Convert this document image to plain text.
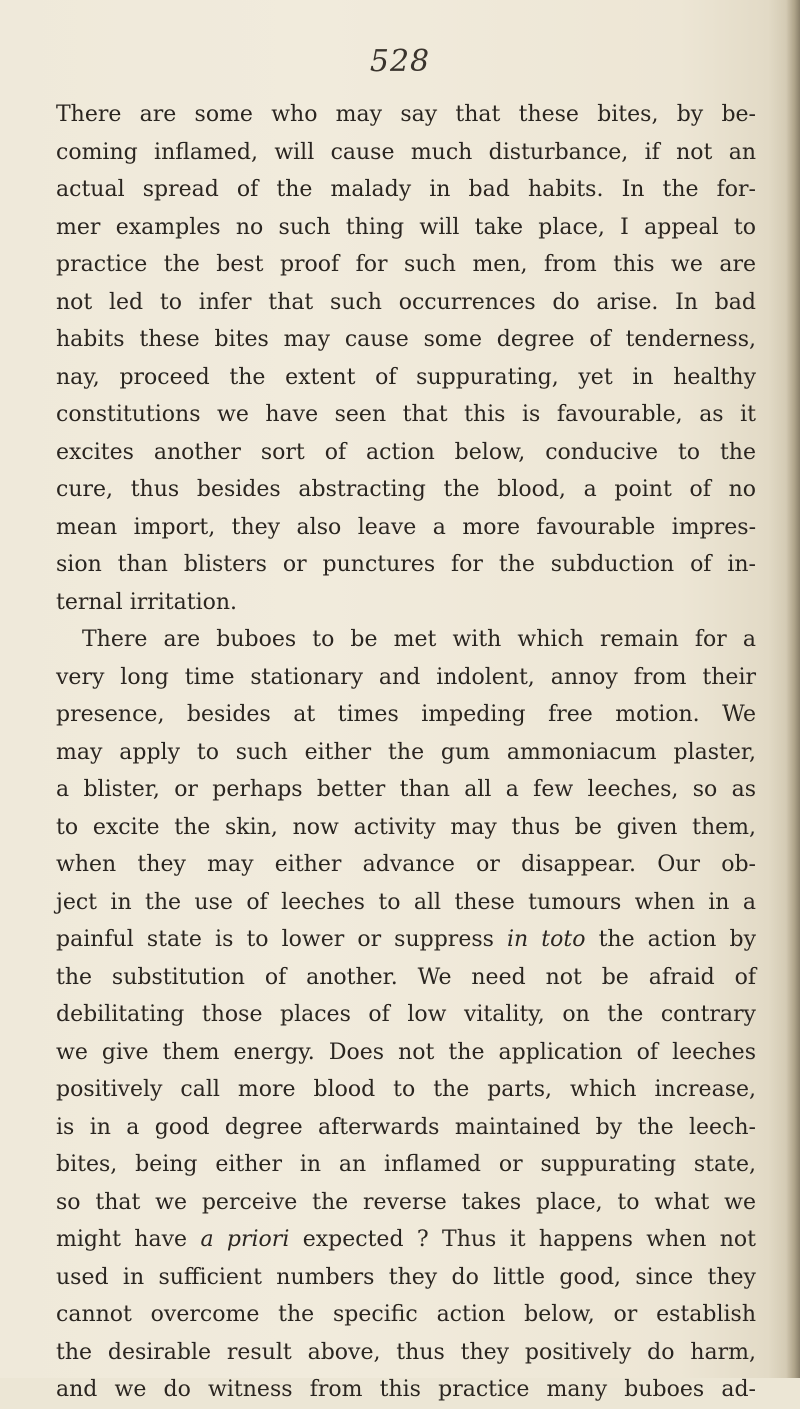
528
There are some who may say that these bites, by be-
coming inflamed, will cause much disturbance, if not an
actual spread of the malady in bad habits. In the for-
mer examples no such thing will take place, I appeal to
practice the best proof for such men, from this we are
not led to infer that such occurrences do arise. In bad
habits these bites may cause some degree of tenderness,
nay, proceed the extent of suppurating, yet in healthy
constitutions we have seen that this is favourable, as it
excites another sort of action below, conducive to the
cure, thus besides abstracting the blood, a point of no
mean import, they also leave a more favourable impres-
sion than blisters or punctures for the subduction of in-
ternal irritation.
There are buboes to be met with which remain for a
very long time stationary and indolent, annoy from their
presence, besides at times impeding free motion. We
may apply to such either the gum ammoniacum plaster,
a blister, or perhaps better than all a few leeches, so as
to excite the skin, now activity may thus be given them,
when they may either advance or disappear. Our ob-
ject in the use of leeches to all these tumours when in a
painful state is to lower or suppress in toto the action by
the substitution of another. We need not be afraid of
debilitating those places of low vitality, on the contrary
we give them energy. Does not the application of leeches
positively call more blood to the parts, which increase,
is in a good degree afterwards maintained by the leech-
bites, being either in an inflamed or suppurating state,
so that we perceive the reverse takes place, to what we
might have a priori expected ? Thus it happens when not
used in sufficient numbers they do little good, since they
cannot overcome the specific action below, or establish
the desirable result above, thus they positively do harm,
and we do witness from this practice many buboes ad-
